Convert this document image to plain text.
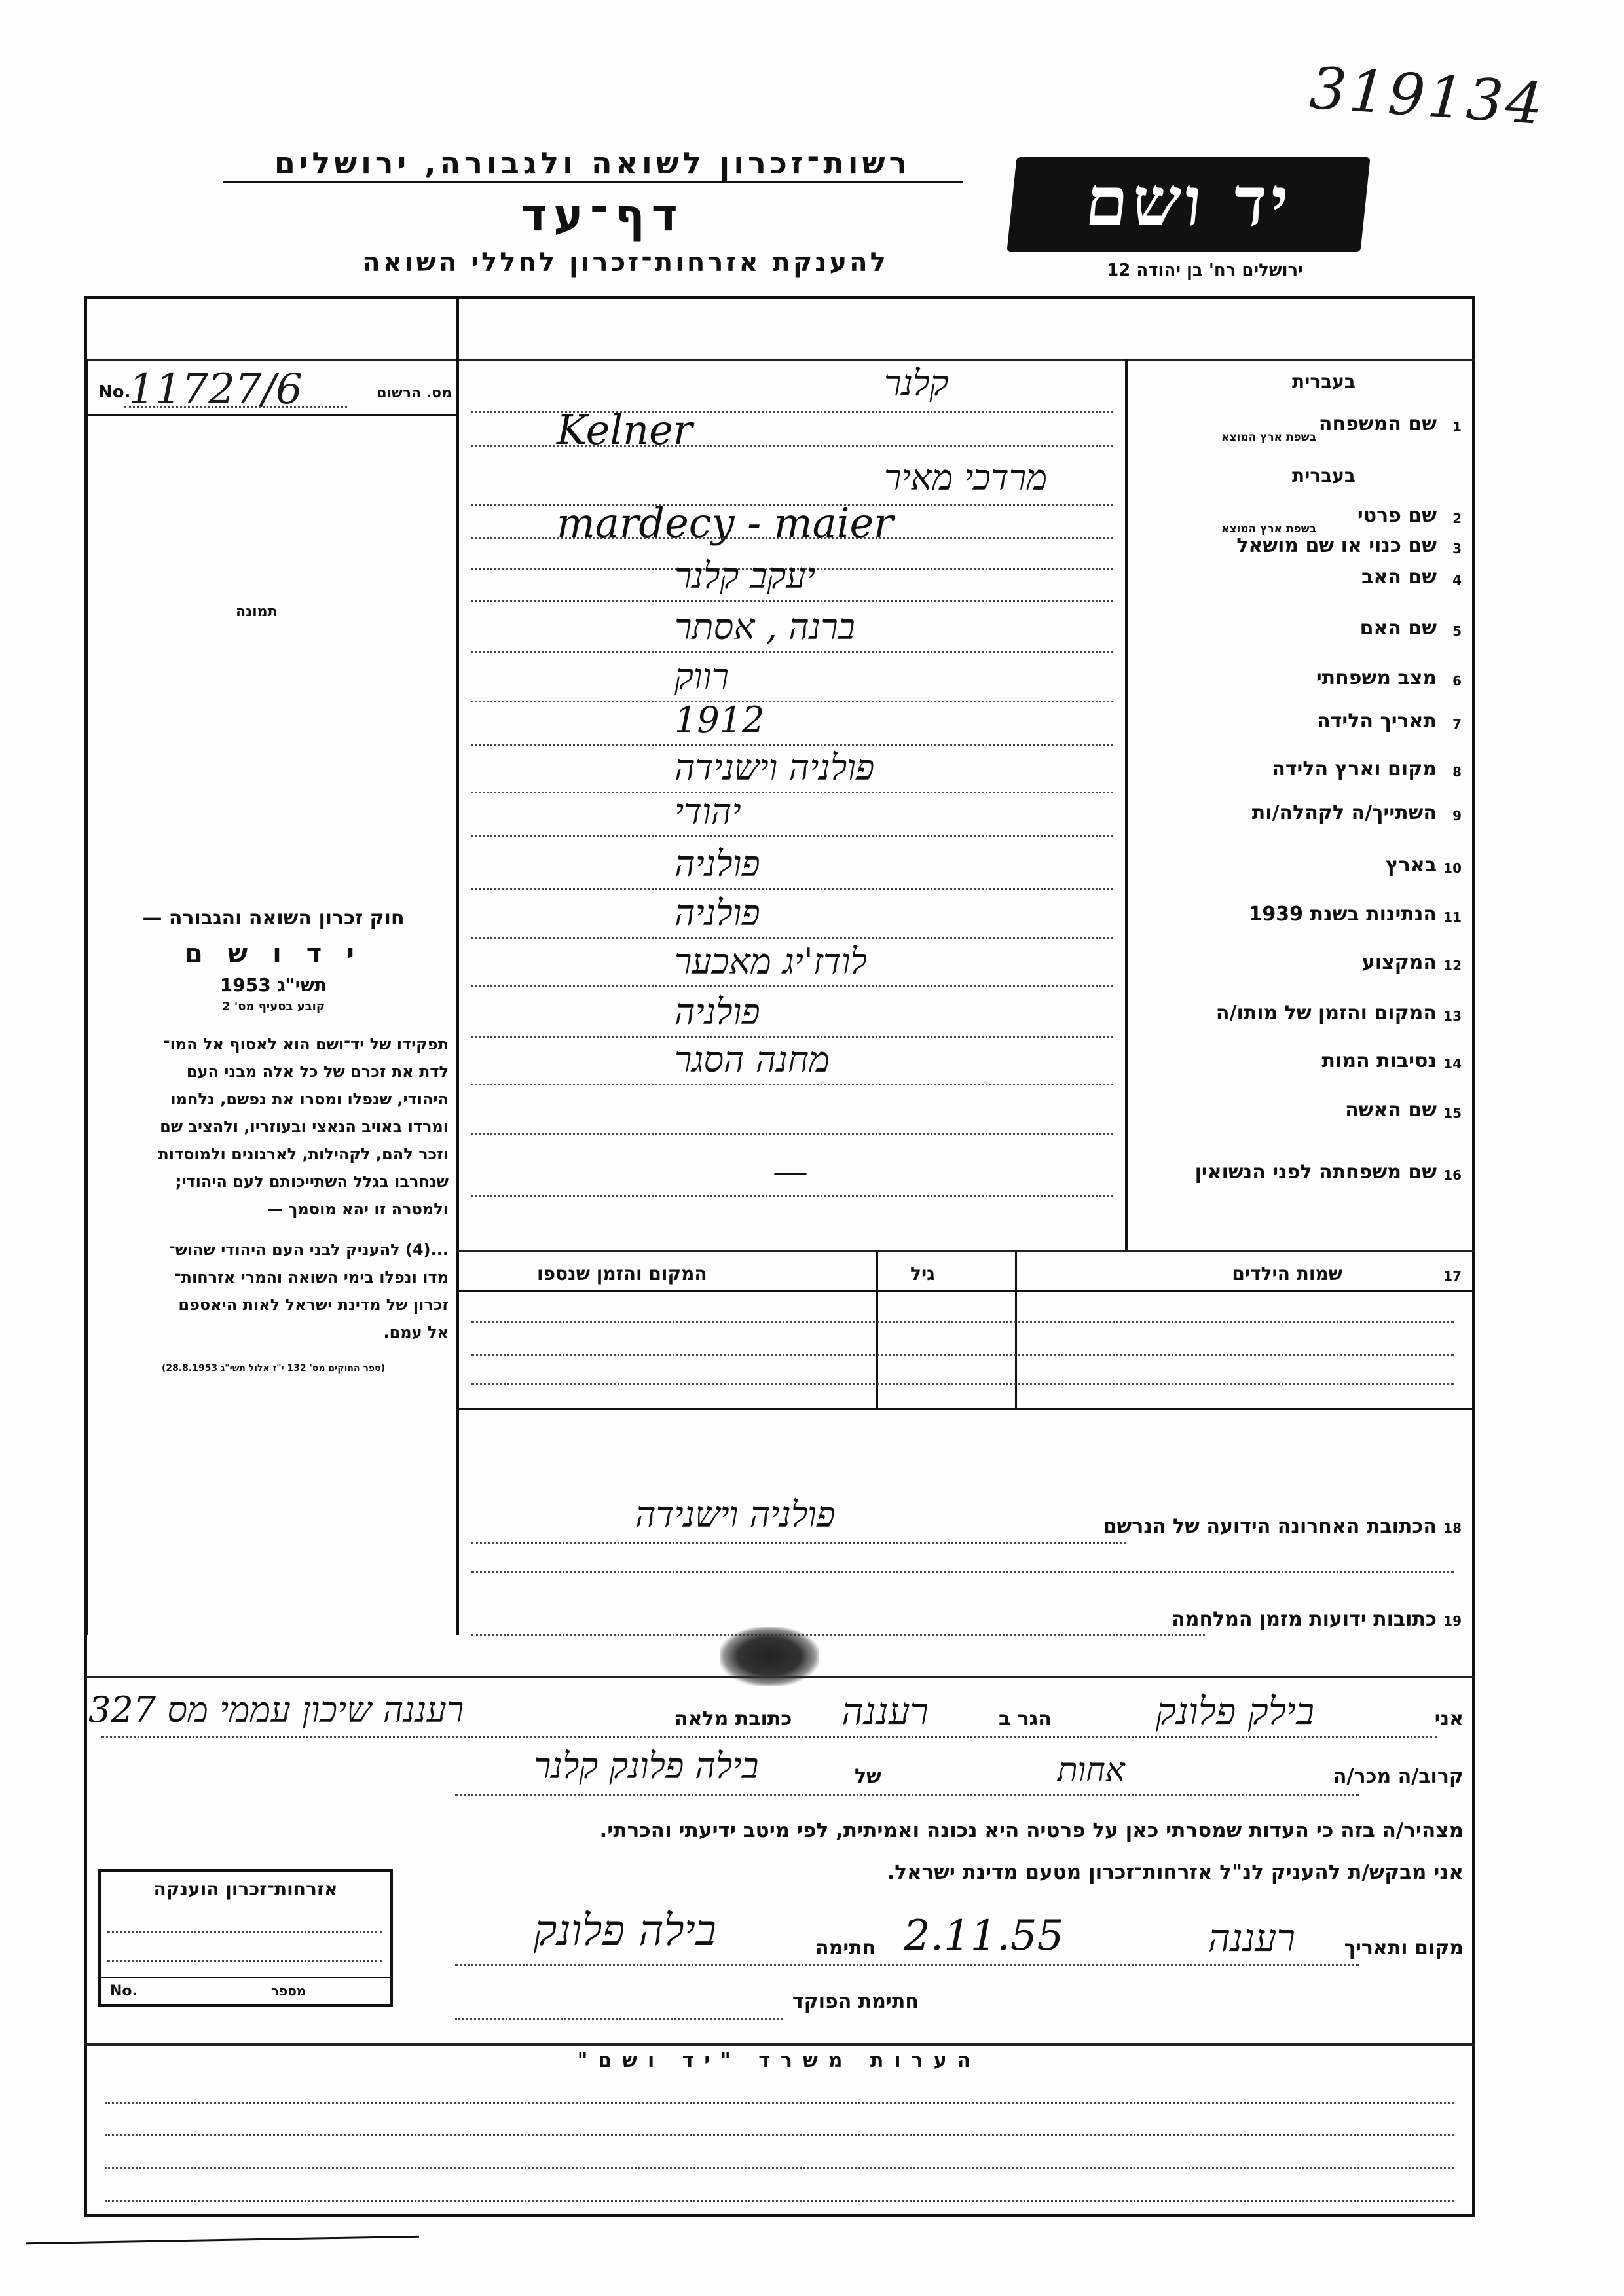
319134
רשות־זכרון לשואה ולגבורה, ירושלים
דף־עד
להענקת אזרחות־זכרון לחללי השואה
יד ושם
ירושלים רח' בן יהודה 12
No.
11727/6	מס. הרשום
תמונה
חוק זכרון השואה והגבורה —
י ד ו ש ם
תשי"ג 1953
קובע בסעיף מס' 2
תפקידו של יד־ושם הוא לאסוף אל המו־
לדת את זכרם של כל אלה מבני העם
היהודי, שנפלו ומסרו את נפשם, נלחמו
ומרדו באויב הנאצי ובעוזריו, ולהציב שם
וזכר להם, לקהילות, לארגונים ולמוסדות
שנחרבו בגלל השתייכותם לעם היהודי;
ולמטרה זו יהא מוסמך —
...(4) להעניק לבני העם היהודי שהוש־
מדו ונפלו בימי השואה והמרי אזרחות־
זכרון של מדינת ישראל לאות היאספם
אל עמם.
(ספר החוקים מס' 132 י"ז אלול תשי"ג 28.8.1953)
1
שם המשפחה
בעברית
בשפת ארץ המוצא
קלנר
Kelner
2
שם פרטי
בעברית
בשפת ארץ המוצא
מרדכי מאיר
mardecy - maier
3
שם כנוי או שם מושאל
4
שם האב
יעקב קלנר
5
שם האם
ברנה , אסתר
6
מצב משפחתי
רווק
7
תאריך הלידה
1912
8
מקום וארץ הלידה
פולניה וישנידה
9
השתייך/ה לקהלה/ות
יהודי
10
בארץ
פולניה
11
הנתינות בשנת 1939
פולניה
12
המקצוע
לודז'יג מאכער
13
המקום והזמן של מותו/ה
פולניה
14
נסיבות המות
מחנה הסגר
15
שם האשה
16
שם משפחתה לפני הנשואין
—
17
שמות הילדים
גיל
המקום והזמן שנספו
18
הכתובת האחרונה הידועה של הנרשם
פולניה וישנידה
19
כתובות ידועות מזמן המלחמה
אני
בילק פלונק
הגר ב
רעננה
כתובת מלאה
רעננה שיכון עממי מס 327
קרוב/ה מכר/ה
אחות
של
בילה פלונק קלנר
מצהיר/ה בזה כי העדות שמסרתי כאן על פרטיה היא נכונה ואמיתית, לפי מיטב ידיעתי והכרתי.
אני מבקש/ת להעניק לנ"ל אזרחות־זכרון מטעם מדינת ישראל.
מקום ותאריך
רעננה
2.11.55
חתימה
בילה פלונק
חתימת הפוקד
אזרחות־זכרון הוענקה
No.	מספר
הערות משרד "יד ושם"
